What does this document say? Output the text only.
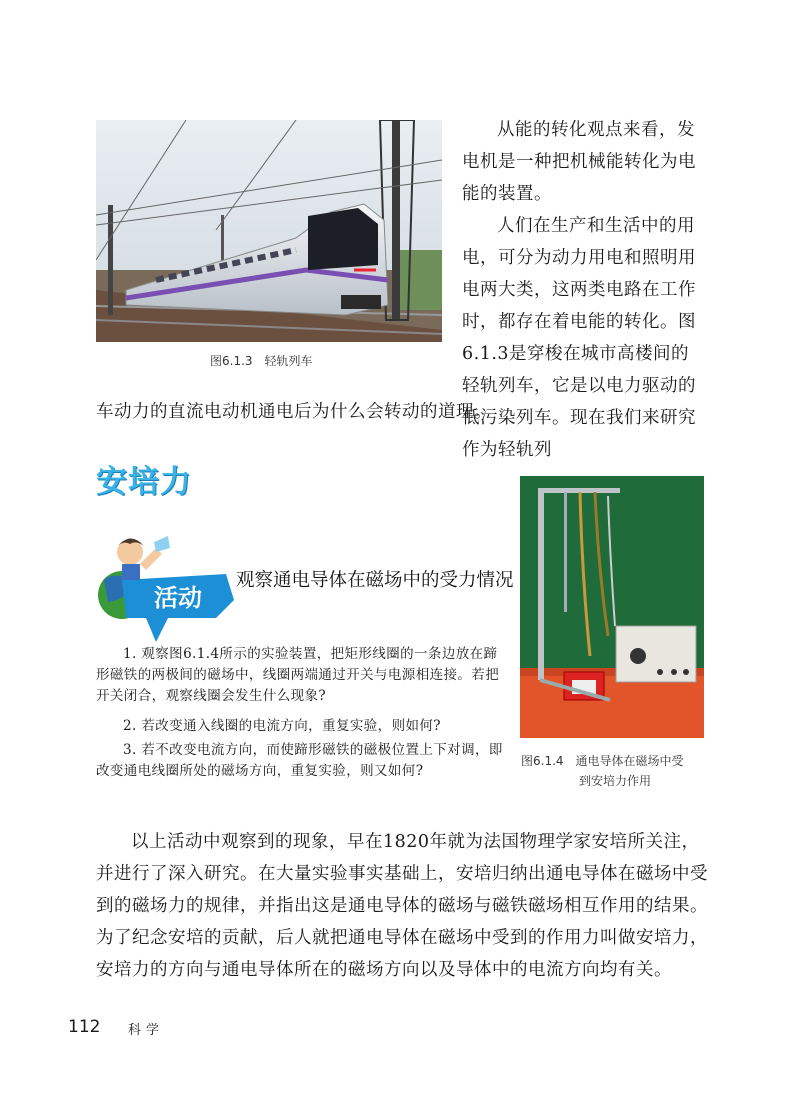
图6.1.3　轻轨列车

从能的转化观点来看，发电机是一种把机械能转化为电能的装置。

人们在生产和生活中的用电，可分为动力用电和照明用电两大类，这两类电路在工作时，都存在着电能的转化。图6.1.3是穿梭在城市高楼间的轻轨列车，它是以电力驱动的低污染列车。现在我们来研究作为轻轨列

车动力的直流电动机通电后为什么会转动的道理。

安培力
活动
观察通电导体在磁场中的受力情况

1. 观察图6.1.4所示的实验装置，把矩形线圈的一条边放在蹄形磁铁的两极间的磁场中，线圈两端通过开关与电源相连接。若把开关闭合，观察线圈会发生什么现象?

2. 若改变通入线圈的电流方向，重复实验，则如何?

3. 若不改变电流方向，而使蹄形磁铁的磁极位置上下对调，即改变通电线圈所处的磁场方向，重复实验，则又如何?

图6.1.4　通电导体在磁场中受
到安培力作用

以上活动中观察到的现象，早在1820年就为法国物理学家安培所关注，并进行了深入研究。在大量实验事实基础上，安培归纳出通电导体在磁场中受到的磁场力的规律，并指出这是通电导体的磁场与磁铁磁场相互作用的结果。为了纪念安培的贡献，后人就把通电导体在磁场中受到的作用力叫做安培力，安培力的方向与通电导体所在的磁场方向以及导体中的电流方向均有关。

112 科学
